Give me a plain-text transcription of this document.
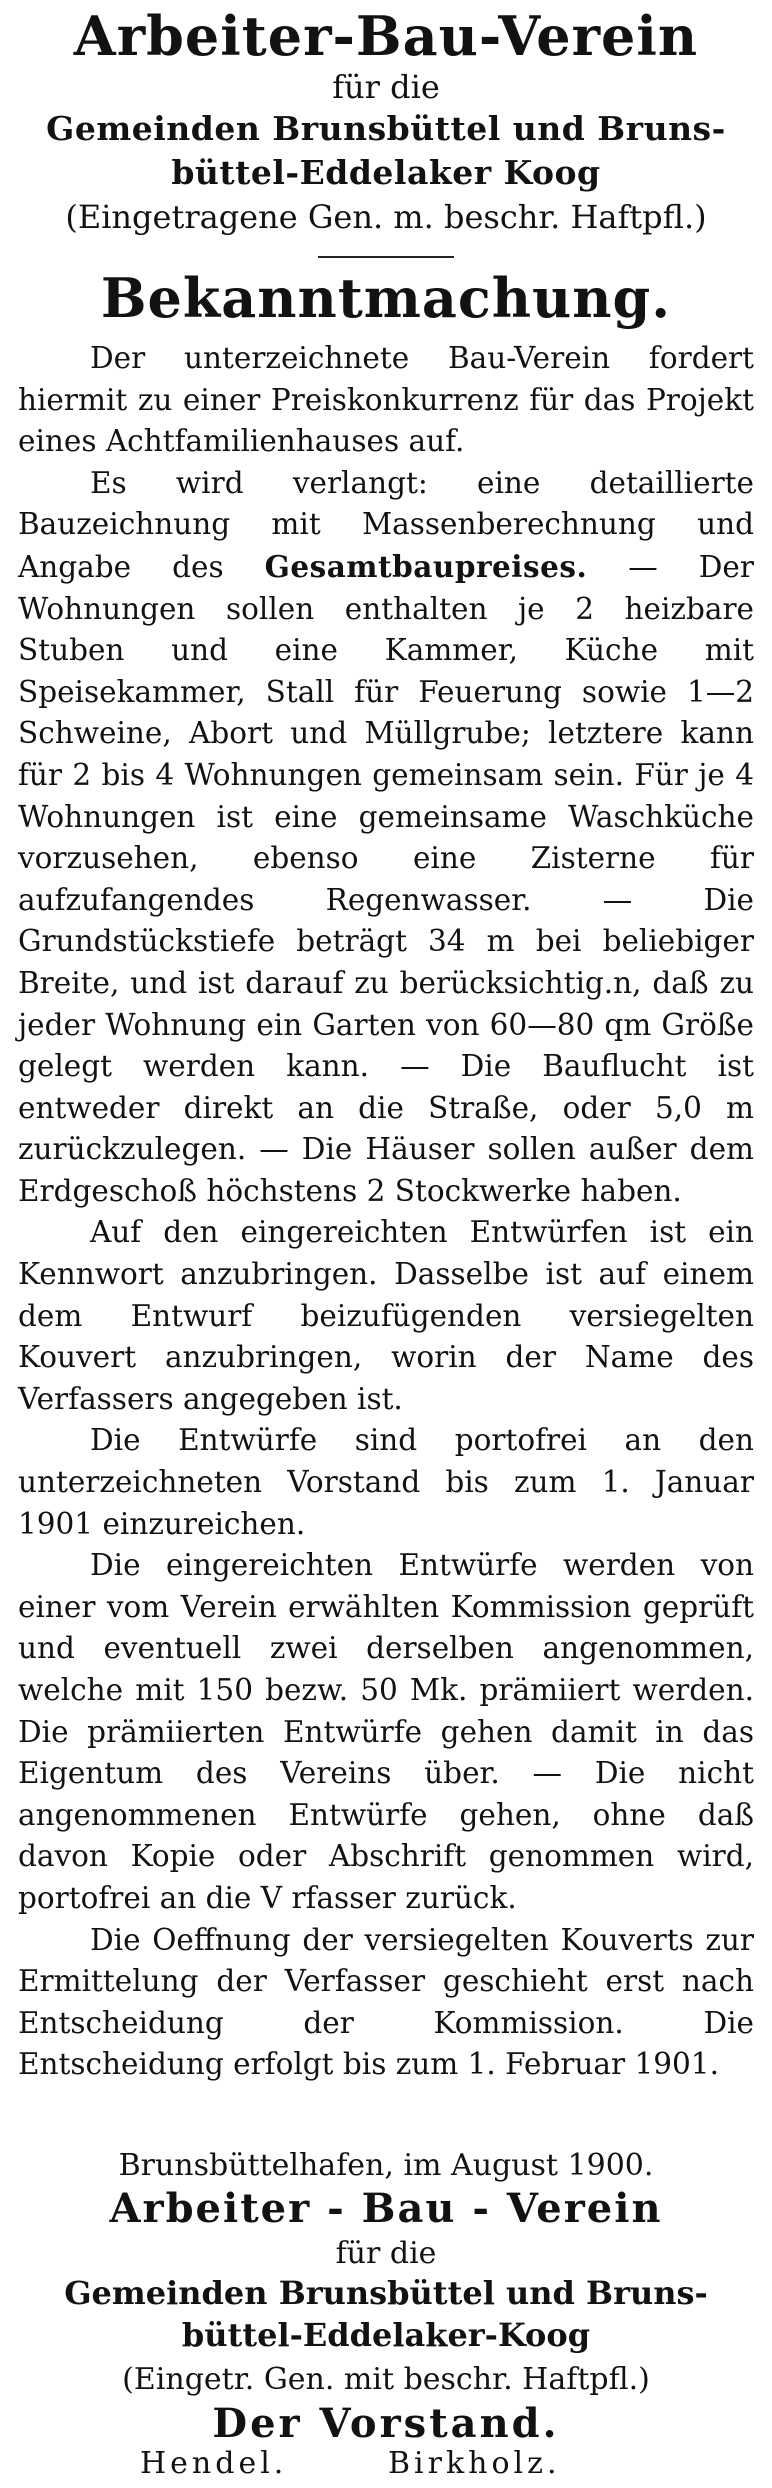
Arbeiter-Bau-Verein
für die
Gemeinden Brunsbüttel und Bruns-
büttel-Eddelaker Koog
(Eingetragene Gen. m. beschr. Haftpfl.)
Bekanntmachung.

Der unterzeichnete Bau-Verein fordert hiermit zu einer Preiskonkurrenz für das Projekt eines Achtfamilienhauses auf.

Es wird verlangt: eine detaillierte Bauzeichnung mit Massenberechnung und Angabe des Gesamtbaupreises. — Der Wohnungen sollen enthalten je 2 heizbare Stuben und eine Kammer, Küche mit Speisekammer, Stall für Feuerung sowie 1—2 Schweine, Abort und Müllgrube; letztere kann für 2 bis 4 Wohnungen gemeinsam sein. Für je 4 Wohnungen ist eine gemeinsame Waschküche vorzusehen, ebenso eine Zisterne für aufzufangendes Regenwasser. — Die Grundstückstiefe beträgt 34 m bei beliebiger Breite, und ist darauf zu berücksichtig.n, daß zu jeder Wohnung ein Garten von 60—80 qm Größe gelegt werden kann. — Die Bauflucht ist entweder direkt an die Straße, oder 5,0 m zurückzulegen. — Die Häuser sollen außer dem Erdgeschoß höchstens 2 Stockwerke haben.

Auf den eingereichten Entwürfen ist ein Kennwort anzubringen. Dasselbe ist auf einem dem Entwurf beizufügenden versiegelten Kouvert anzubringen, worin der Name des Verfassers angegeben ist.

Die Entwürfe sind portofrei an den unterzeichneten Vorstand bis zum 1. Januar 1901 einzureichen.

Die eingereichten Entwürfe werden von einer vom Verein erwählten Kommission geprüft und eventuell zwei derselben angenommen, welche mit 150 bezw. 50 Mk. prämiiert werden. Die prämiierten Entwürfe gehen damit in das Eigentum des Vereins über. — Die nicht angenommenen Entwürfe gehen, ohne daß davon Kopie oder Abschrift genommen wird, portofrei an die V rfasser zurück.

Die Oeffnung der versiegelten Kouverts zur Ermittelung der Verfasser geschieht erst nach Entscheidung der Kommission. Die Entscheidung erfolgt bis zum 1. Februar 1901.

Brunsbüttelhafen, im August 1900.
Arbeiter - Bau - Verein
für die
Gemeinden Brunsbüttel und Bruns-
büttel-Eddelaker-Koog
(Eingetr. Gen. mit beschr. Haftpfl.)
Der Vorstand.
Hendel.	Birkholz.
